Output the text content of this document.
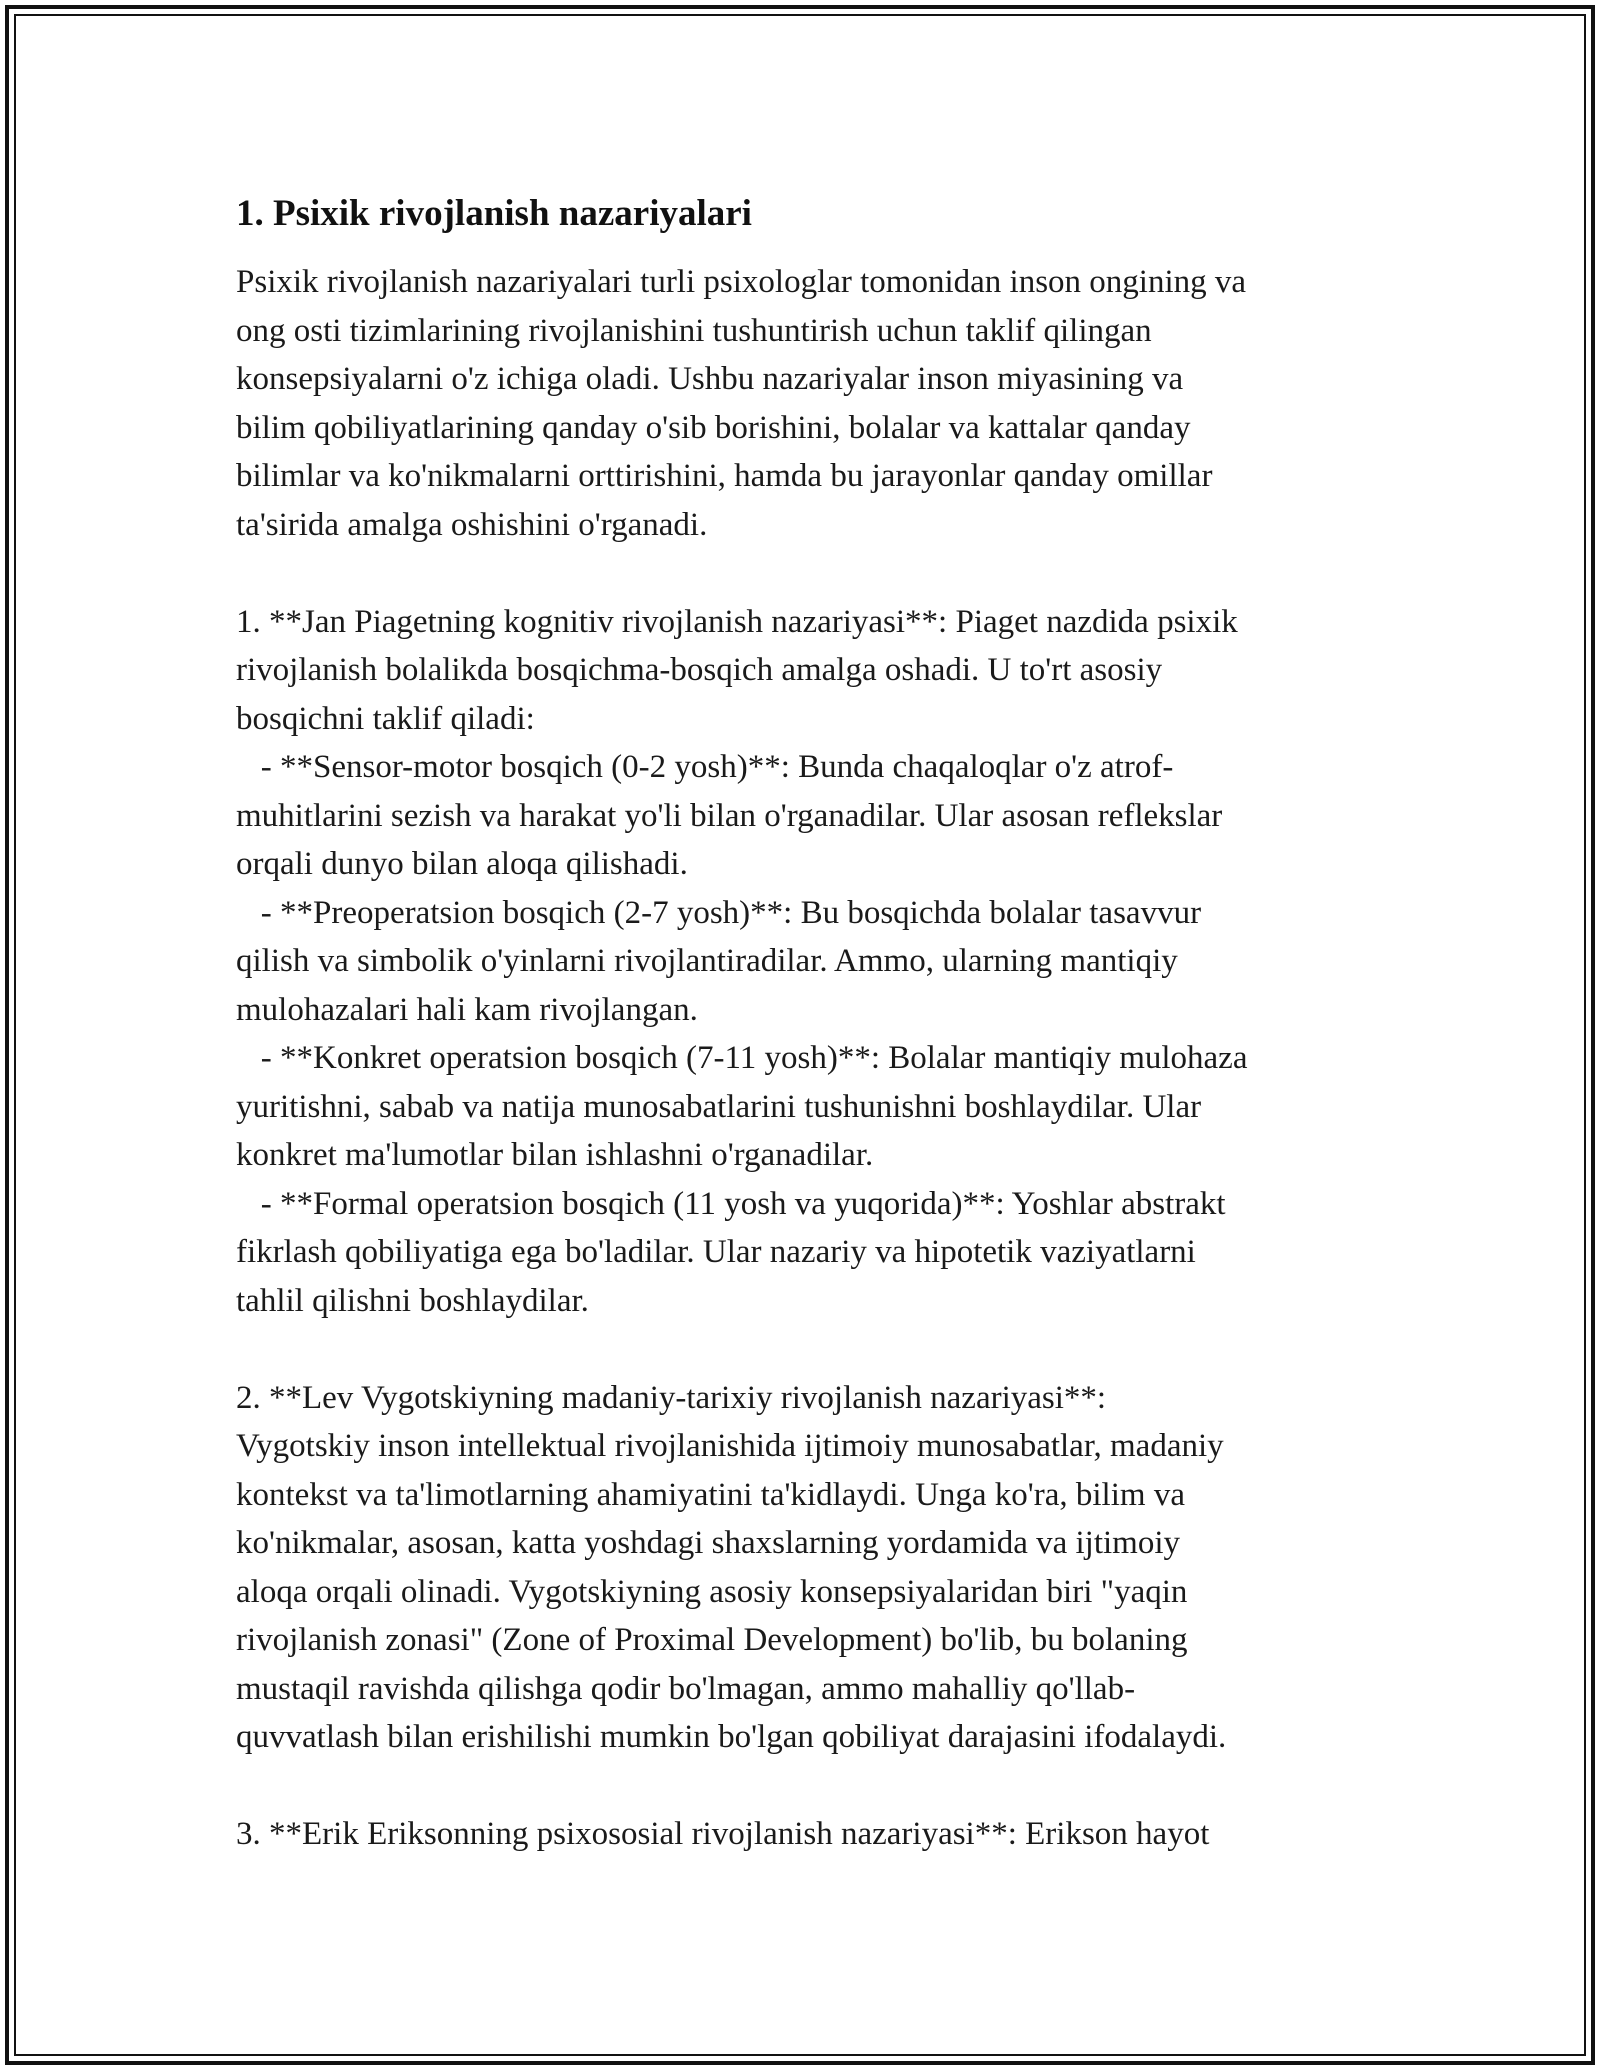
1. Psixik rivojlanish nazariyalari

Psixik rivojlanish nazariyalari turli psixologlar tomonidan inson ongining va
ong osti tizimlarining rivojlanishini tushuntirish uchun taklif qilingan
konsepsiyalarni o'z ichiga oladi. Ushbu nazariyalar inson miyasining va
bilim qobiliyatlarining qanday o'sib borishini, bolalar va kattalar qanday
bilimlar va ko'nikmalarni orttirishini, hamda bu jarayonlar qanday omillar
ta'sirida amalga oshishini o'rganadi.

1. **Jan Piagetning kognitiv rivojlanish nazariyasi**: Piaget nazdida psixik
rivojlanish bolalikda bosqichma-bosqich amalga oshadi. U to'rt asosiy
bosqichni taklif qiladi:
- **Sensor-motor bosqich (0-2 yosh)**: Bunda chaqaloqlar o'z atrof-
muhitlarini sezish va harakat yo'li bilan o'rganadilar. Ular asosan reflekslar
orqali dunyo bilan aloqa qilishadi.
- **Preoperatsion bosqich (2-7 yosh)**: Bu bosqichda bolalar tasavvur
qilish va simbolik o'yinlarni rivojlantiradilar. Ammo, ularning mantiqiy
mulohazalari hali kam rivojlangan.
- **Konkret operatsion bosqich (7-11 yosh)**: Bolalar mantiqiy mulohaza
yuritishni, sabab va natija munosabatlarini tushunishni boshlaydilar. Ular
konkret ma'lumotlar bilan ishlashni o'rganadilar.
- **Formal operatsion bosqich (11 yosh va yuqorida)**: Yoshlar abstrakt
fikrlash qobiliyatiga ega bo'ladilar. Ular nazariy va hipotetik vaziyatlarni
tahlil qilishni boshlaydilar.

2. **Lev Vygotskiyning madaniy-tarixiy rivojlanish nazariyasi**:
Vygotskiy inson intellektual rivojlanishida ijtimoiy munosabatlar, madaniy
kontekst va ta'limotlarning ahamiyatini ta'kidlaydi. Unga ko'ra, bilim va
ko'nikmalar, asosan, katta yoshdagi shaxslarning yordamida va ijtimoiy
aloqa orqali olinadi. Vygotskiyning asosiy konsepsiyalaridan biri "yaqin
rivojlanish zonasi" (Zone of Proximal Development) bo'lib, bu bolaning
mustaqil ravishda qilishga qodir bo'lmagan, ammo mahalliy qo'llab-
quvvatlash bilan erishilishi mumkin bo'lgan qobiliyat darajasini ifodalaydi.

3. **Erik Eriksonning psixososial rivojlanish nazariyasi**: Erikson hayot
